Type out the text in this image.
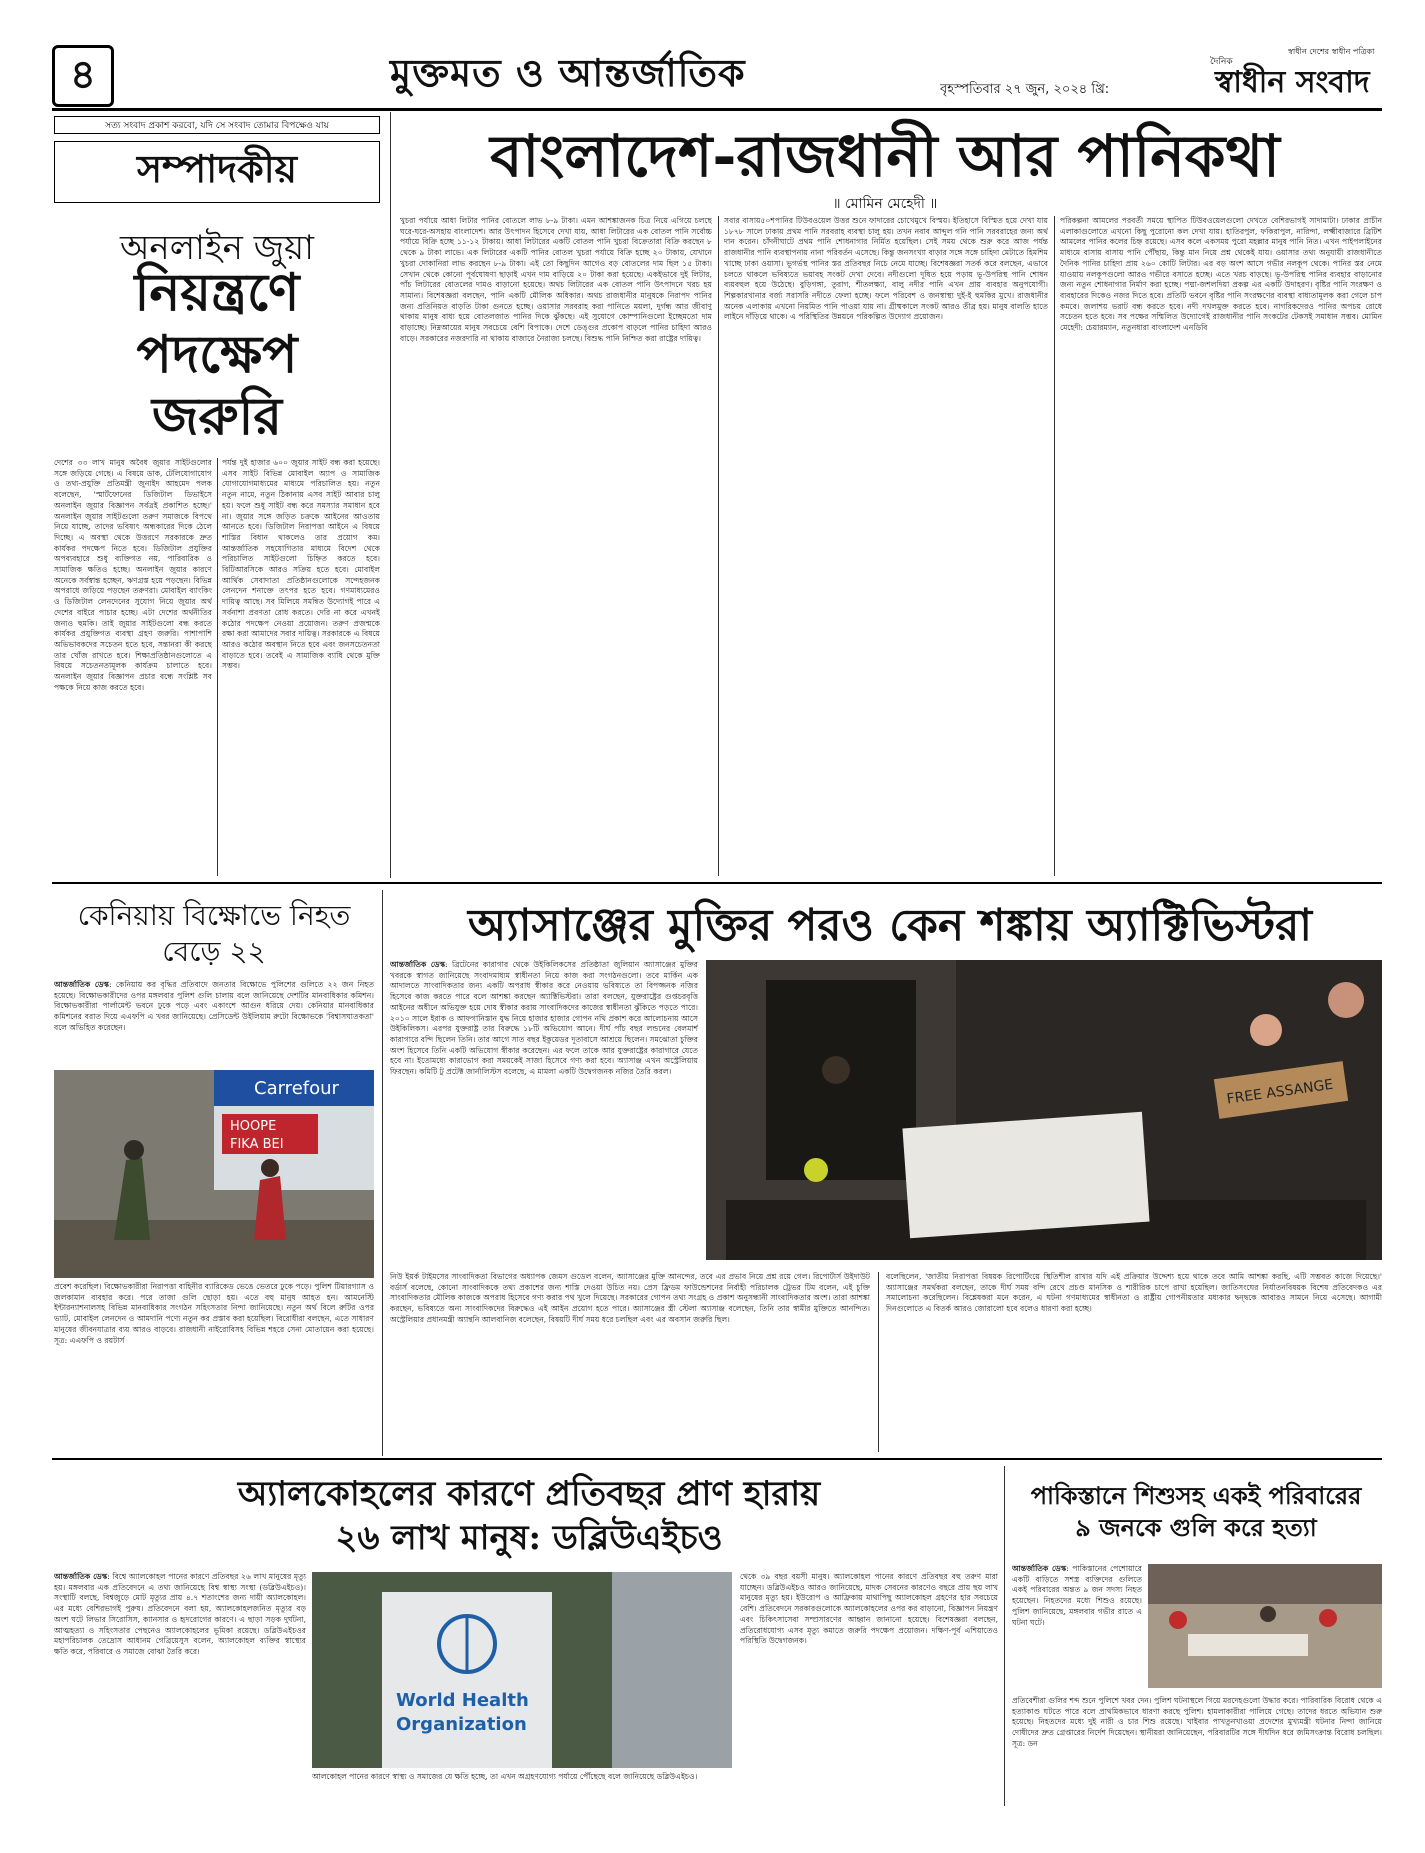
৪	মুক্তমত ও আন্তর্জাতিক	বৃহস্পতিবার ২৭ জুন, ২০২৪ খ্রি:
দৈনিক
স্বাধীন দেশের স্বাধীন পত্রিকা
স্বাধীন সংবাদ
সত্য সংবাদ প্রকাশ করবো, যদি সে সংবাদ তোমার বিপক্ষেও যায়
সম্পাদকীয়
অনলাইন জুয়া
নিয়ন্ত্রণে
পদক্ষেপ
জরুরি
দেশের ৩৩ লাখ মানুষ অবৈধ জুয়ার সাইটগুলোর সঙ্গে জড়িয়ে গেছে। এ বিষয়ে ডাক, টেলিযোগাযোগ ও তথ্য-প্রযুক্তি প্রতিমন্ত্রী জুনাইদ আহমেদ পলক বলেছেন, 'স্মার্টফোনের ডিজিটাল ডিভাইসে অনলাইন জুয়ার বিজ্ঞাপন সর্বত্রই প্রকাশিত হচ্ছে।' অনলাইন জুয়ার সাইটগুলো তরুণ সমাজকে বিপথে নিয়ে যাচ্ছে, তাদের ভবিষ্যৎ অন্ধকারের দিকে ঠেলে দিচ্ছে। এ অবস্থা থেকে উত্তরণে সরকারকে দ্রুত কার্যকর পদক্ষেপ নিতে হবে। ডিজিটাল প্রযুক্তির অপব্যবহারে শুধু ব্যক্তিগত নয়, পারিবারিক ও সামাজিক ক্ষতিও হচ্ছে। অনলাইন জুয়ার কারণে অনেকে সর্বস্বান্ত হচ্ছেন, ঋণগ্রস্ত হয়ে পড়ছেন। বিভিন্ন অপরাধে জড়িয়ে পড়ছেন তরুণরা। মোবাইল ব্যাংকিং ও ডিজিটাল লেনদেনের সুযোগ নিয়ে জুয়ার অর্থ দেশের বাইরে পাচার হচ্ছে। এটা দেশের অর্থনীতির জন্যও হুমকি। তাই জুয়ার সাইটগুলো বন্ধ করতে কার্যকর প্রযুক্তিগত ব্যবস্থা গ্রহণ জরুরি। পাশাপাশি অভিভাবকদের সচেতন হতে হবে, সন্তানরা কী করছে তার খোঁজ রাখতে হবে। শিক্ষাপ্রতিষ্ঠানগুলোতে এ বিষয়ে সচেতনতামূলক কার্যক্রম চালাতে হবে। অনলাইন জুয়ার বিজ্ঞাপন প্রচার বন্ধে সংশ্লিষ্ট সব পক্ষকে নিয়ে কাজ করতে হবে।
পর্যন্ত দুই হাজার ৬০০ জুয়ার সাইট বন্ধ করা হয়েছে। এসব সাইট বিভিন্ন মোবাইল অ্যাপ ও সামাজিক যোগাযোগমাধ্যমের মাধ্যমে পরিচালিত হয়। নতুন নতুন নামে, নতুন ঠিকানায় এসব সাইট আবার চালু হয়। ফলে শুধু সাইট বন্ধ করে সমস্যার সমাধান হবে না। জুয়ার সঙ্গে জড়িত চক্রকে আইনের আওতায় আনতে হবে। ডিজিটাল নিরাপত্তা আইনে এ বিষয়ে শাস্তির বিধান থাকলেও তার প্রয়োগ কম। আন্তর্জাতিক সহযোগিতার মাধ্যমে বিদেশ থেকে পরিচালিত সাইটগুলো চিহ্নিত করতে হবে। বিটিআরসিকে আরও সক্রিয় হতে হবে। মোবাইল আর্থিক সেবাদাতা প্রতিষ্ঠানগুলোকে সন্দেহজনক লেনদেন শনাক্তে তৎপর হতে হবে। গণমাধ্যমেরও দায়িত্ব আছে। সব মিলিয়ে সমন্বিত উদ্যোগই পারে এ সর্বনাশা প্রবণতা রোধ করতে। দেরি না করে এখনই কঠোর পদক্ষেপ নেওয়া প্রয়োজন। তরুণ প্রজন্মকে রক্ষা করা আমাদের সবার দায়িত্ব। সরকারকে এ বিষয়ে আরও কঠোর অবস্থান নিতে হবে এবং জনসচেতনতা বাড়াতে হবে। তবেই এ সামাজিক ব্যাধি থেকে মুক্তি সম্ভব।
বাংলাদেশ-রাজধানী আর পানিকথা
॥ মোমিন মেহেদী ॥
খুচরা পর্যায়ে আধা লিটার পানির বোতলে লাভ ৮-৯ টাকা। এমন আশঙ্কাজনক চিত্র নিয়ে এগিয়ে চলছে ঘরে-ঘরে-অসহায় বাংলাদেশ। আর উৎপাদন হিসেবে দেখা যায়, আধা লিটারের এক বোতল পানি সর্বোচ্চ পর্যায়ে বিক্রি হচ্ছে ১১-১২ টাকায়। আধা লিটারের একটি বোতল পানি খুচরা বিক্রেতারা বিক্রি করছেন ৮ থেকে ৯ টাকা লাভে। এক লিটারের একটি পানির বোতল খুচরা পর্যায়ে বিক্রি হচ্ছে ২০ টাকায়, যেখানে খুচরা দোকানিরা লাভ করছেন ৮-৯ টাকা। এই তো কিছুদিন আগেও বড় বোতলের দাম ছিল ১৫ টাকা। সেখান থেকে কোনো পূর্বঘোষণা ছাড়াই এখন দাম বাড়িয়ে ২০ টাকা করা হয়েছে। একইভাবে দুই লিটার, পাঁচ লিটারের বোতলের দামও বাড়ানো হয়েছে। অথচ লিটারের এক বোতল পানি উৎপাদনে খরচ হয় সামান্য। বিশেষজ্ঞরা বলছেন, পানি একটি মৌলিক অধিকার। অথচ রাজধানীর মানুষকে নিরাপদ পানির জন্য প্রতিনিয়ত বাড়তি টাকা গুনতে হচ্ছে। ওয়াসার সরবরাহ করা পানিতে ময়লা, দুর্গন্ধ আর জীবাণু থাকায় মানুষ বাধ্য হয়ে বোতলজাত পানির দিকে ঝুঁকছে। এই সুযোগে কোম্পানিগুলো ইচ্ছেমতো দাম বাড়াচ্ছে। নিম্নআয়ের মানুষ সবচেয়ে বেশি বিপাকে। দেশে ডেঙ্গুর প্রকোপ বাড়লে পানির চাহিদা আরও বাড়ে। সরকারের নজরদারি না থাকায় বাজারে নৈরাজ্য চলছে। বিশুদ্ধ পানি নিশ্চিত করা রাষ্ট্রের দায়িত্ব।
সবার বাসায়৫০শপানির টিউবওয়েল উত্তর শুনে ফাদারের চোখেমুখে বিস্ময়। ইতিহাসে বিস্মিত হয়ে দেখা যায় ১৮৭৮ সালে ঢাকায় প্রথম পানি সরবরাহ ব্যবস্থা চালু হয়। তখন নবাব আব্দুল গনি পানি সরবরাহের জন্য অর্থ দান করেন। চাঁদনীঘাটে প্রথম পানি শোধনাগার নির্মিত হয়েছিল। সেই সময় থেকে শুরু করে আজ পর্যন্ত রাজধানীর পানি ব্যবস্থাপনায় নানা পরিবর্তন এসেছে। কিন্তু জনসংখ্যা বাড়ার সঙ্গে সঙ্গে চাহিদা মেটাতে হিমশিম খাচ্ছে ঢাকা ওয়াসা। ভূগর্ভস্থ পানির স্তর প্রতিবছর নিচে নেমে যাচ্ছে। বিশেষজ্ঞরা সতর্ক করে বলছেন, এভাবে চলতে থাকলে ভবিষ্যতে ভয়াবহ সংকট দেখা দেবে। নদীগুলো দূষিত হয়ে পড়ায় ভূ-উপরিস্থ পানি শোধন ব্যয়বহুল হয়ে উঠেছে। বুড়িগঙ্গা, তুরাগ, শীতলক্ষ্যা, বালু নদীর পানি এখন প্রায় ব্যবহার অনুপযোগী। শিল্পকারখানার বর্জ্য সরাসরি নদীতে ফেলা হচ্ছে। ফলে পরিবেশ ও জনস্বাস্থ্য দুই-ই হুমকির মুখে। রাজধানীর অনেক এলাকায় এখনো নিয়মিত পানি পাওয়া যায় না। গ্রীষ্মকালে সংকট আরও তীব্র হয়। মানুষ বালতি হাতে লাইনে দাঁড়িয়ে থাকে। এ পরিস্থিতির উন্নয়নে পরিকল্পিত উদ্যোগ প্রয়োজন।
পরিকল্পনা আমলের পরবর্তী সময়ে স্থাপিত টিউবওয়েলগুলো দেখতে বেশিরভাগই সাদামাটা। ঢাকার প্রাচীন এলাকাগুলোতে এখনো কিছু পুরোনো কল দেখা যায়। হাতিরপুল, ফকিরাপুল, নারিন্দা, লক্ষ্মীবাজারে ব্রিটিশ আমলের পানির কলের চিহ্ন রয়েছে। এসব কলে একসময় পুরো মহল্লার মানুষ পানি নিত। এখন পাইপলাইনের মাধ্যমে বাসায় বাসায় পানি পৌঁছায়, কিন্তু মান নিয়ে প্রশ্ন থেকেই যায়। ওয়াসার তথ্য অনুযায়ী রাজধানীতে দৈনিক পানির চাহিদা প্রায় ২৬০ কোটি লিটার। এর বড় অংশ আসে গভীর নলকূপ থেকে। পানির স্তর নেমে যাওয়ায় নলকূপগুলো আরও গভীরে বসাতে হচ্ছে। এতে খরচ বাড়ছে। ভূ-উপরিস্থ পানির ব্যবহার বাড়ানোর জন্য নতুন শোধনাগার নির্মাণ করা হচ্ছে। পদ্মা-জশলদিয়া প্রকল্প এর একটি উদাহরণ। বৃষ্টির পানি সংরক্ষণ ও ব্যবহারের দিকেও নজর দিতে হবে। প্রতিটি ভবনে বৃষ্টির পানি সংরক্ষণের ব্যবস্থা বাধ্যতামূলক করা গেলে চাপ কমবে। জলাশয় ভরাট বন্ধ করতে হবে। নদী দখলমুক্ত করতে হবে। নাগরিকদেরও পানির অপচয় রোধে সচেতন হতে হবে। সব পক্ষের সম্মিলিত উদ্যোগেই রাজধানীর পানি সংকটের টেকসই সমাধান সম্ভব। মোমিন মেহেদী: চেয়ারম্যান, নতুনধারা বাংলাদেশ এনডিবি
কেনিয়ায় বিক্ষোভে নিহত বেড়ে ২২
আন্তর্জাতিক ডেস্ক: কেনিয়ায় কর বৃদ্ধির প্রতিবাদে জনতার বিক্ষোভে পুলিশের গুলিতে ২২ জন নিহত হয়েছে। বিক্ষোভকারীদের ওপর মঙ্গলবার পুলিশ গুলি চালায় বলে জানিয়েছে দেশটির মানবাধিকার কমিশন। বিক্ষোভকারীরা পার্লামেন্ট ভবনে ঢুকে পড়ে এবং একাংশে আগুন ধরিয়ে দেয়। কেনিয়ার মানবাধিকার কমিশনের বরাত দিয়ে এএফপি এ খবর জানিয়েছে। প্রেসিডেন্ট উইলিয়াম রুটো বিক্ষোভকে 'বিশ্বাসঘাতকতা' বলে অভিহিত করেছেন।
Carrefour
HOOPE
FIKA BEI
প্রবেশ করেছিল। বিক্ষোভকারীরা নিরাপত্তা বাহিনীর ব্যারিকেড ভেঙে ভেতরে ঢুকে পড়ে। পুলিশ টিয়ারগ্যাস ও জলকামান ব্যবহার করে। পরে তাজা গুলি ছোড়া হয়। এতে বহু মানুষ আহত হন। আমনেস্টি ইন্টারন্যাশনালসহ বিভিন্ন মানবাধিকার সংগঠন সহিংসতার নিন্দা জানিয়েছে। নতুন অর্থ বিলে রুটির ওপর ভ্যাট, মোবাইল লেনদেন ও আমদানি পণ্যে নতুন কর প্রস্তাব করা হয়েছিল। বিরোধীরা বলছেন, এতে সাধারণ মানুষের জীবনযাত্রার ব্যয় আরও বাড়বে। রাজধানী নাইরোবিসহ বিভিন্ন শহরে সেনা মোতায়েন করা হয়েছে। সূত্র: এএফপি ও রয়টার্স
অ্যাসাঞ্জের মুক্তির পরও কেন শঙ্কায় অ্যাক্টিভিস্টরা
আন্তর্জাতিক ডেস্ক: ব্রিটেনের কারাগার থেকে উইকিলিকসের প্রতিষ্ঠাতা জুলিয়ান অ্যাসাঞ্জের মুক্তির খবরকে স্বাগত জানিয়েছে সংবাদমাধ্যম স্বাধীনতা নিয়ে কাজ করা সংগঠনগুলো। তবে মার্কিন এক আদালতে সাংবাদিকতার জন্য একটি অপরাধ স্বীকার করে নেওয়ায় ভবিষ্যতে তা বিপজ্জনক নজির হিসেবে কাজ করতে পারে বলে আশঙ্কা করছেন অ্যাক্টিভিস্টরা। তারা বলছেন, যুক্তরাষ্ট্রের গুপ্তচরবৃত্তি আইনের অধীনে অভিযুক্ত হয়ে দোষ স্বীকার করায় সাংবাদিকদের কাজের স্বাধীনতা ঝুঁকিতে পড়তে পারে। ২০১০ সালে ইরাক ও আফগানিস্তান যুদ্ধ নিয়ে হাজার হাজার গোপন নথি প্রকাশ করে আলোচনায় আসে উইকিলিকস। এরপর যুক্তরাষ্ট্র তার বিরুদ্ধে ১৮টি অভিযোগ আনে। দীর্ঘ পাঁচ বছর লন্ডনের বেলমার্শ কারাগারে বন্দি ছিলেন তিনি। তার আগে সাত বছর ইকুয়েডর দূতাবাসে আশ্রয়ে ছিলেন। সমঝোতা চুক্তির অংশ হিসেবে তিনি একটি অভিযোগ স্বীকার করেছেন। এর ফলে তাকে আর যুক্তরাষ্ট্রের কারাগারে যেতে হবে না। ইতোমধ্যে কারাভোগ করা সময়কেই সাজা হিসেবে গণ্য করা হবে। অ্যাসাঞ্জ এখন অস্ট্রেলিয়ায় ফিরছেন। কমিটি টু প্রটেক্ট জার্নালিস্টস বলেছে, এ মামলা একটি উদ্বেগজনক নজির তৈরি করল।
FREE ASSANGE
নিউ ইয়র্ক টাইমসের সাংবাদিকতা বিভাগের অধ্যাপক জেমস গুডেল বলেন, অ্যাসাঞ্জের মুক্তি আনন্দের, তবে এর প্রভাব নিয়ে প্রশ্ন রয়ে গেল। রিপোর্টার্স উইদাউট বর্ডার্স বলেছে, কোনো সাংবাদিককে তথ্য প্রকাশের জন্য শাস্তি দেওয়া উচিত নয়। প্রেস ফ্রিডম ফাউন্ডেশনের নির্বাহী পরিচালক ট্রেভর টিম বলেন, এই চুক্তি সাংবাদিকতার মৌলিক কাজকে অপরাধ হিসেবে গণ্য করার পথ খুলে দিয়েছে। সরকারের গোপন তথ্য সংগ্রহ ও প্রকাশ অনুসন্ধানী সাংবাদিকতার অংশ। তারা আশঙ্কা করছেন, ভবিষ্যতে অন্য সাংবাদিকদের বিরুদ্ধেও এই আইন প্রয়োগ হতে পারে। অ্যাসাঞ্জের স্ত্রী স্টেলা অ্যাসাঞ্জ বলেছেন, তিনি তার স্বামীর মুক্তিতে আনন্দিত। অস্ট্রেলিয়ার প্রধানমন্ত্রী অ্যান্থনি আলবানিজ বলেছেন, বিষয়টি দীর্ঘ সময় ধরে চলছিল এবং এর অবসান জরুরি ছিল।
বলেছিলেন, 'জাতীয় নিরাপত্তা বিষয়ক রিপোর্টিংয়ে স্থিতিশীল রাখার যদি এই প্রক্রিয়ার উদ্দেশ্য হয়ে থাকে তবে আমি আশঙ্কা করছি, এটি সম্ভবত কাজে দিয়েছে।' অ্যাসাঞ্জের সমর্থকরা বলছেন, তাকে দীর্ঘ সময় বন্দি রেখে প্রচণ্ড মানসিক ও শারীরিক চাপে রাখা হয়েছিল। জাতিসংঘের নির্যাতনবিষয়ক বিশেষ প্রতিবেদকও এর সমালোচনা করেছিলেন। বিশ্লেষকরা মনে করেন, এ ঘটনা গণমাধ্যমের স্বাধীনতা ও রাষ্ট্রীয় গোপনীয়তার মধ্যকার দ্বন্দ্বকে আবারও সামনে নিয়ে এসেছে। আগামী দিনগুলোতে এ বিতর্ক আরও জোরালো হবে বলেও ধারণা করা হচ্ছে।
অ্যালকোহলের কারণে প্রতিবছর প্রাণ হারায়
২৬ লাখ মানুষ: ডব্লিউএইচও
আন্তর্জাতিক ডেস্ক: বিশ্বে অ্যালকোহল পানের কারণে প্রতিবছর ২৬ লাখ মানুষের মৃত্যু হয়। মঙ্গলবার এক প্রতিবেদনে এ তথ্য জানিয়েছে বিশ্ব স্বাস্থ্য সংস্থা (ডব্লিউএইচও)। সংস্থাটি বলছে, বিশ্বজুড়ে মোট মৃত্যুর প্রায় ৪.৭ শতাংশের জন্য দায়ী অ্যালকোহল। এর মধ্যে বেশিরভাগই পুরুষ। প্রতিবেদনে বলা হয়, অ্যালকোহলজনিত মৃত্যুর বড় অংশ ঘটে লিভার সিরোসিস, ক্যানসার ও হৃদরোগের কারণে। এ ছাড়া সড়ক দুর্ঘটনা, আত্মহত্যা ও সহিংসতার পেছনেও অ্যালকোহলের ভূমিকা রয়েছে। ডব্লিউএইচওর মহাপরিচালক তেদ্রোস আধানম গেব্রিয়েসুস বলেন, অ্যালকোহল ব্যক্তির স্বাস্থ্যের ক্ষতি করে, পরিবারে ও সমাজে বোঝা তৈরি করে।
World Health
Organization
আলকোহল পানের কারণে স্বাস্থ্য ও সমাজের যে ক্ষতি হচ্ছে, তা এখন অগ্রহণযোগ্য পর্যায়ে পৌঁছেছে বলে জানিয়েছে ডব্লিউএইচও।
থেকে ৩৯ বছর বয়সী মানুষ। অ্যালকোহল পানের কারণে প্রতিবছর বহু তরুণ মারা যাচ্ছেন। ডব্লিউএইচও আরও জানিয়েছে, মাদক সেবনের কারণেও বছরে প্রায় ছয় লাখ মানুষের মৃত্যু হয়। ইউরোপ ও আফ্রিকায় মাথাপিছু অ্যালকোহল গ্রহণের হার সবচেয়ে বেশি। প্রতিবেদনে সরকারগুলোকে অ্যালকোহলের ওপর কর বাড়ানো, বিজ্ঞাপন নিয়ন্ত্রণ এবং চিকিৎসাসেবা সম্প্রসারণের আহ্বান জানানো হয়েছে। বিশেষজ্ঞরা বলছেন, প্রতিরোধযোগ্য এসব মৃত্যু কমাতে জরুরি পদক্ষেপ প্রয়োজন। দক্ষিণ-পূর্ব এশিয়াতেও পরিস্থিতি উদ্বেগজনক।
পাকিস্তানে শিশুসহ একই পরিবারের
৯ জনকে গুলি করে হত্যা
আন্তর্জাতিক ডেস্ক: পাকিস্তানের পেশোয়ারে একটি বাড়িতে সশস্ত্র ব্যক্তিদের গুলিতে একই পরিবারের অন্তত ৯ জন সদস্য নিহত হয়েছেন। নিহতদের মধ্যে শিশুও রয়েছে। পুলিশ জানিয়েছে, মঙ্গলবার গভীর রাতে এ ঘটনা ঘটে।
প্রতিবেশীরা গুলির শব্দ শুনে পুলিশে খবর দেন। পুলিশ ঘটনাস্থলে গিয়ে মরদেহগুলো উদ্ধার করে। পারিবারিক বিরোধ থেকে এ হত্যাকাণ্ড ঘটতে পারে বলে প্রাথমিকভাবে ধারণা করছে পুলিশ। হামলাকারীরা পালিয়ে গেছে। তাদের ধরতে অভিযান শুরু হয়েছে। নিহতদের মধ্যে দুই নারী ও চার শিশু রয়েছে। খাইবার পাখতুনখাওয়া প্রদেশের মুখ্যমন্ত্রী ঘটনার নিন্দা জানিয়ে দোষীদের দ্রুত গ্রেপ্তারের নির্দেশ দিয়েছেন। স্থানীয়রা জানিয়েছেন, পরিবারটির সঙ্গে দীর্ঘদিন ধরে জমিসংক্রান্ত বিরোধ চলছিল। সূত্র: ডন
